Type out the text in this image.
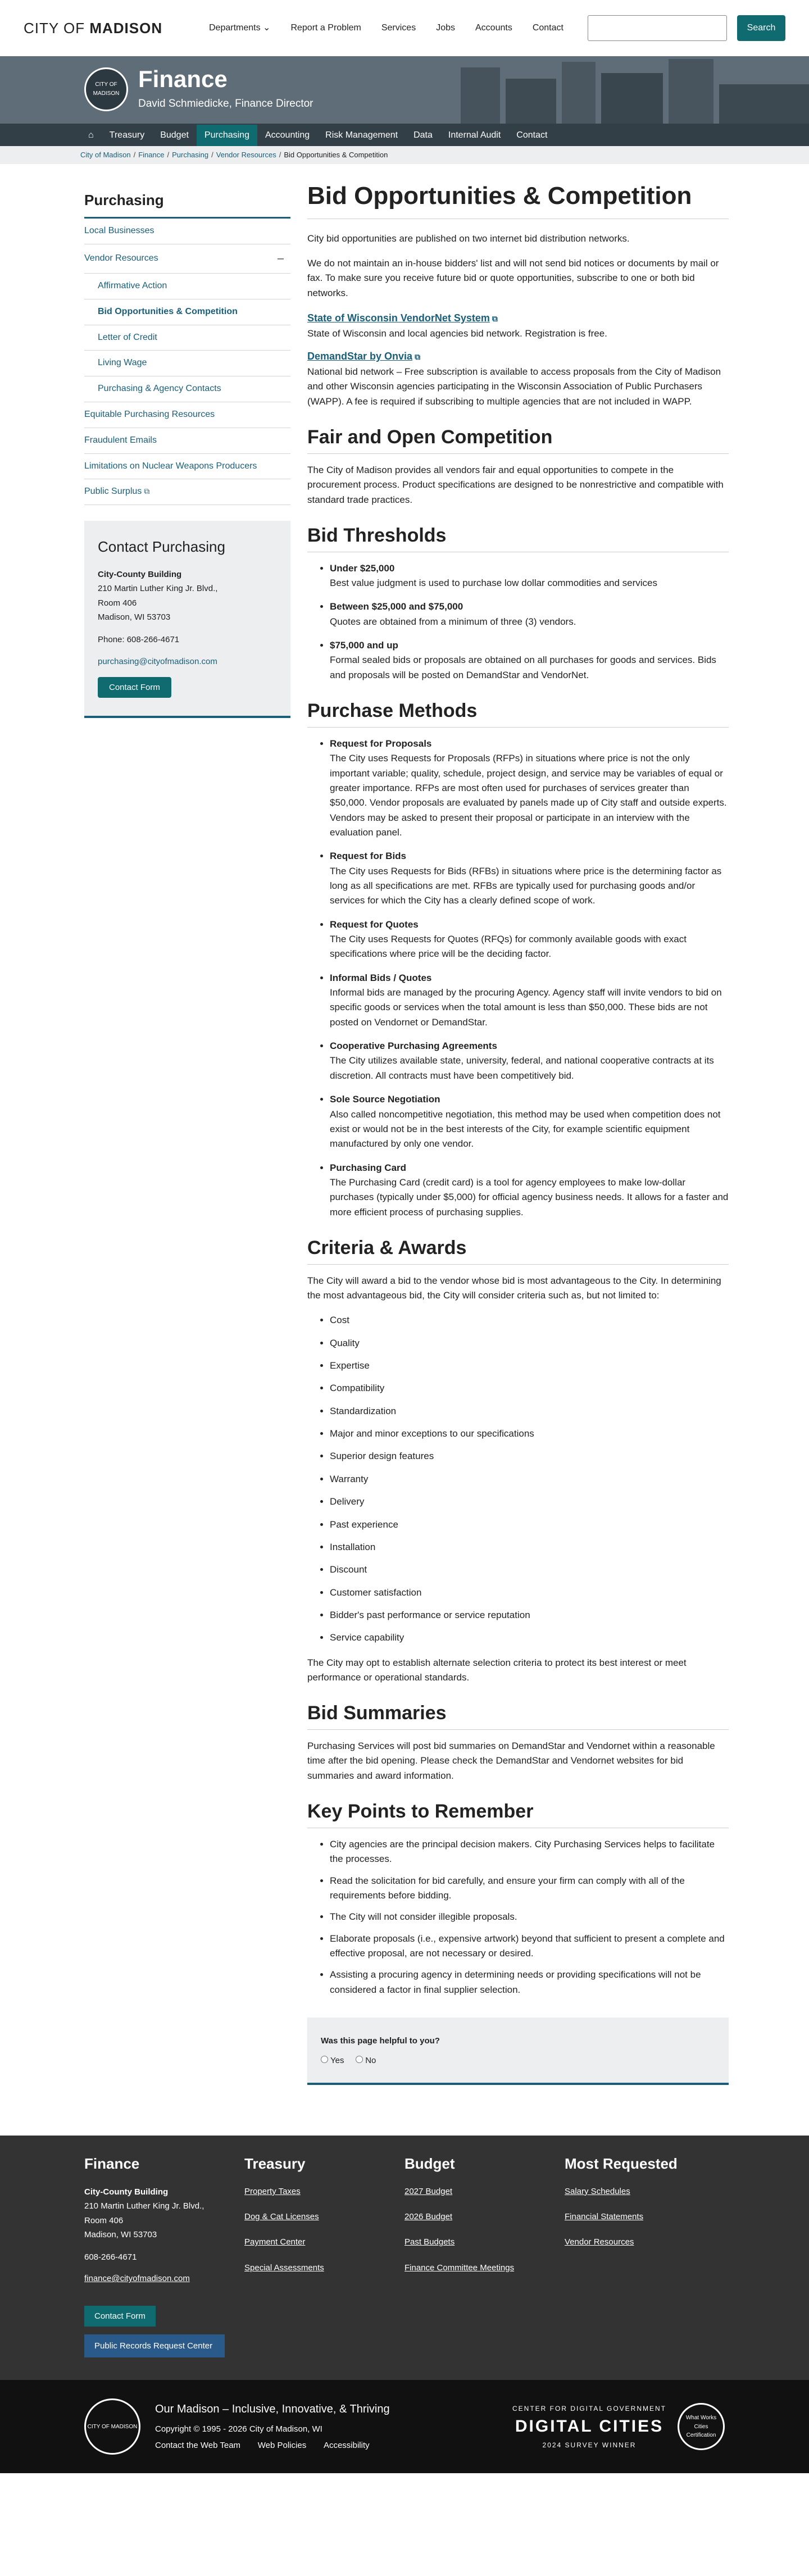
CITY OF MADISON	Departments ⌄	Report a Problem Services Jobs Accounts Contact	Search
CITY OF MADISON
Finance
David Schmiedicke, Finance Director
⌂	Treasury	Budget	Purchasing	Accounting	Risk Management	Data	Internal Audit	Contact
City of Madison / Finance / Purchasing / Vendor Resources / Bid Opportunities & Competition
Purchasing
Local Businesses
Vendor Resources	–
Affirmative Action
Bid Opportunities & Competition
Letter of Credit
Living Wage
Purchasing & Agency Contacts
Equitable Purchasing Resources
Fraudulent Emails
Limitations on Nuclear Weapons Producers
Public Surplus ⧉
Contact Purchasing

City-County Building

210 Martin Luther King Jr. Blvd.,

Room 406

Madison, WI 53703

Phone: 608-266-4671

purchasing@cityofmadison.com

Contact Form
Bid Opportunities & Competition

City bid opportunities are published on two internet bid distribution networks.

We do not maintain an in-house bidders' list and will not send bid notices or documents by mail or fax. To make sure you receive future bid or quote opportunities, subscribe to one or both bid networks.

State of Wisconsin VendorNet System ⧉
State of Wisconsin and local agencies bid network. Registration is free.
DemandStar by Onvia ⧉
National bid network – Free subscription is available to access proposals from the City of Madison and other Wisconsin agencies participating in the Wisconsin Association of Public Purchasers (WAPP). A fee is required if subscribing to multiple agencies that are not included in WAPP.
Fair and Open Competition

The City of Madison provides all vendors fair and equal opportunities to compete in the procurement process. Product specifications are designed to be nonrestrictive and compatible with standard trade practices.

Bid Thresholds
• Under $25,000
Best value judgment is used to purchase low dollar commodities and services
• Between $25,000 and $75,000
Quotes are obtained from a minimum of three (3) vendors.
• $75,000 and up
Formal sealed bids or proposals are obtained on all purchases for goods and services. Bids and proposals will be posted on DemandStar and VendorNet.
Purchase Methods
• Request for Proposals
The City uses Requests for Proposals (RFPs) in situations where price is not the only important variable; quality, schedule, project design, and service may be variables of equal or greater importance. RFPs are most often used for purchases of services greater than $50,000. Vendor proposals are evaluated by panels made up of City staff and outside experts. Vendors may be asked to present their proposal or participate in an interview with the evaluation panel.
• Request for Bids
The City uses Requests for Bids (RFBs) in situations where price is the determining factor as long as all specifications are met. RFBs are typically used for purchasing goods and/or services for which the City has a clearly defined scope of work.
• Request for Quotes
The City uses Requests for Quotes (RFQs) for commonly available goods with exact specifications where price will be the deciding factor.
• Informal Bids / Quotes
Informal bids are managed by the procuring Agency. Agency staff will invite vendors to bid on specific goods or services when the total amount is less than $50,000. These bids are not posted on Vendornet or DemandStar.
• Cooperative Purchasing Agreements
The City utilizes available state, university, federal, and national cooperative contracts at its discretion. All contracts must have been competitively bid.
• Sole Source Negotiation
Also called noncompetitive negotiation, this method may be used when competition does not exist or would not be in the best interests of the City, for example scientific equipment manufactured by only one vendor.
• Purchasing Card
The Purchasing Card (credit card) is a tool for agency employees to make low-dollar purchases (typically under $5,000) for official agency business needs. It allows for a faster and more efficient process of purchasing supplies.
Criteria & Awards

The City will award a bid to the vendor whose bid is most advantageous to the City. In determining the most advantageous bid, the City will consider criteria such as, but not limited to:

• Cost
• Quality
• Expertise
• Compatibility
• Standardization
• Major and minor exceptions to our specifications
• Superior design features
• Warranty
• Delivery
• Past experience
• Installation
• Discount
• Customer satisfaction
• Bidder's past performance or service reputation
• Service capability

The City may opt to establish alternate selection criteria to protect its best interest or meet performance or operational standards.

Bid Summaries

Purchasing Services will post bid summaries on DemandStar and Vendornet within a reasonable time after the bid opening. Please check the DemandStar and Vendornet websites for bid summaries and award information.

Key Points to Remember
• City agencies are the principal decision makers. City Purchasing Services helps to facilitate the processes.
• Read the solicitation for bid carefully, and ensure your firm can comply with all of the requirements before bidding.
• The City will not consider illegible proposals.
• Elaborate proposals (i.e., expensive artwork) beyond that sufficient to present a complete and effective proposal, are not necessary or desired.
• Assisting a procuring agency in determining needs or providing specifications will not be considered a factor in final supplier selection.
Was this page helpful to you?
Yes	No
Finance

City-County Building

210 Martin Luther King Jr. Blvd.,

Room 406

Madison, WI 53703

608-266-4671

finance@cityofmadison.com
Contact Form
Public Records Request Center
Treasury
Property Taxes
Dog & Cat Licenses
Payment Center
Special Assessments
Budget
2027 Budget
2026 Budget
Past Budgets
Finance Committee Meetings
Most Requested
Salary Schedules
Financial Statements
Vendor Resources
CITY OF MADISON
Our Madison – Inclusive, Innovative, & Thriving

Copyright © 1995 - 2026 City of Madison, WI

Contact the Web Team Web Policies Accessibility
CENTER FOR DIGITAL GOVERNMENT
DIGITAL CITIES
2024 SURVEY WINNER
What Works Cities Certification
